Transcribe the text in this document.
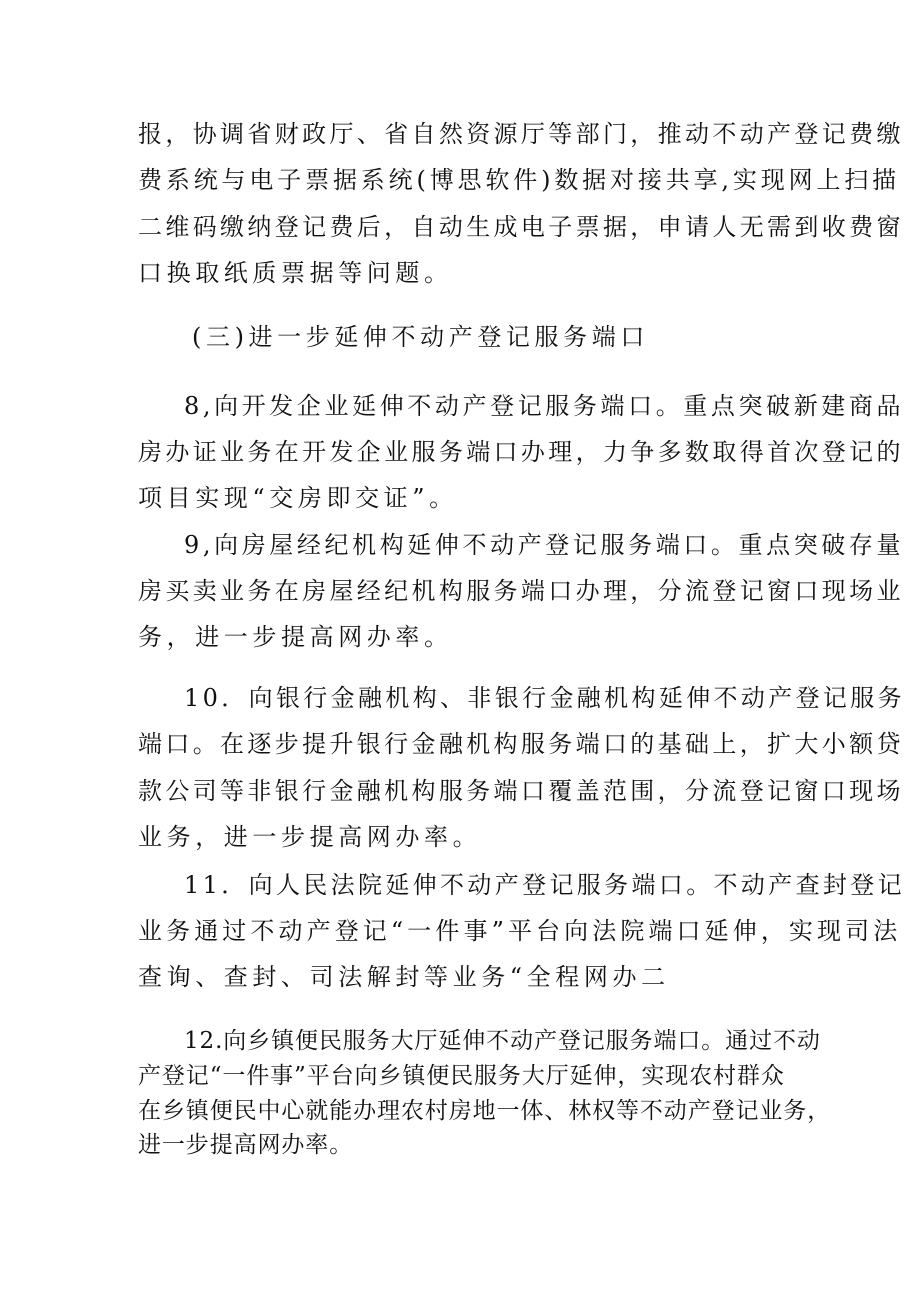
报，协调省财政厅、省自然资源厅等部门，推动不动产登记费缴
费系统与电子票据系统(博思软件)数据对接共享,实现网上扫描
二维码缴纳登记费后，自动生成电子票据，申请人无需到收费窗
口换取纸质票据等问题。
(三)进一步延伸不动产登记服务端口
8,向开发企业延伸不动产登记服务端口。重点突破新建商品
房办证业务在开发企业服务端口办理，力争多数取得首次登记的
项目实现“交房即交证”。
9,向房屋经纪机构延伸不动产登记服务端口。重点突破存量
房买卖业务在房屋经纪机构服务端口办理，分流登记窗口现场业
务，进一步提高网办率。
10．向银行金融机构、非银行金融机构延伸不动产登记服务
端口。在逐步提升银行金融机构服务端口的基础上，扩大小额贷
款公司等非银行金融机构服务端口覆盖范围，分流登记窗口现场
业务，进一步提高网办率。
11．向人民法院延伸不动产登记服务端口。不动产查封登记
业务通过不动产登记“一件事”平台向法院端口延伸，实现司法
查询、查封、司法解封等业务“全程网办二
12.向乡镇便民服务大厅延伸不动产登记服务端口。通过不动
产登记“一件事”平台向乡镇便民服务大厅延伸，实现农村群众
在乡镇便民中心就能办理农村房地一体、林权等不动产登记业务，
进一步提高网办率。
